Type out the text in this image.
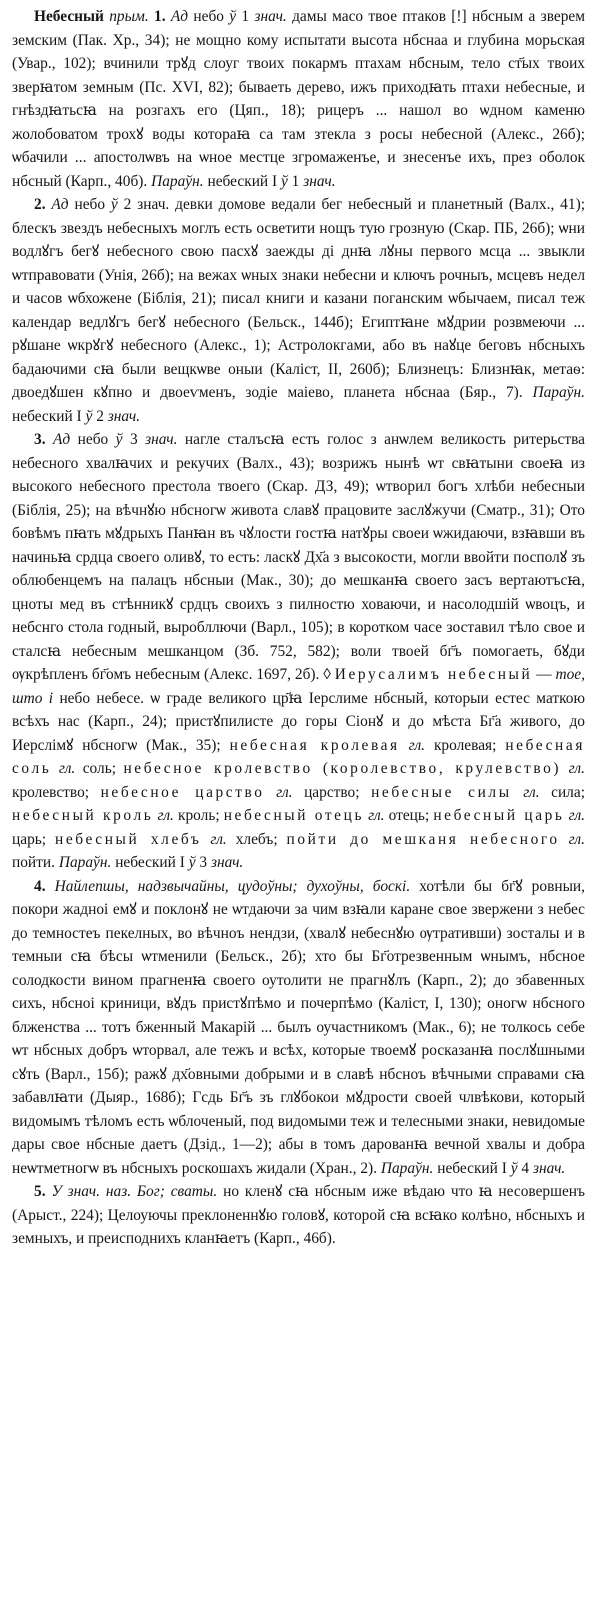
Небесный прым. 1. Ад небо ў 1 знач. дамы масо твое птаков [!] нбсным а зверем земским (Пак. Хр., 34); не мощно комy испытати высота нбснаа и глубина морьская (Увар., 102); вчинили трꙋд слоуг твоих покармъ птахам нбсным, тело ст҃ых твоих зверꙗтом земным (Пс. XVI, 82); бываеть дерево, ижъ приходꙗть птахи небесные, и гнѣздꙗтьсꙗ на розгахъ его (Цяп., 18); рицеръ ... нашол во ѡдном каменю жолобоватом трохꙋ воды котораꙗ са там зтекла з росы небесной (Алекс., 26б); ѡбачили ... апостолѡвъ на ѡное местце згромаженъе, и знесенъе ихъ, през оболок нбсный (Карп., 40б). Параўн. небеский I ў 1 знач.

2. Ад небо ў 2 знач. девки домове ведали бег небесный и планетный (Валх., 41); блескъ звездъ небесныхъ моглъ есть осветити нощъ тую грозную (Скар. ПБ, 26б); ѡни водлꙋгъ бегꙋ небесного свою пасхꙋ заежды ді днꙗ лꙋны первого мсца ... звыкли ѡтправовати (Унія, 26б); на вежах ѡных знаки небесни и ключъ рочныъ, мсцевъ недел и часов ѡбхожене (Біблія, 21); писал книги и казани поганским ѡбычаем, писал теж календар ведлꙋгъ бегꙋ небесного (Бельск., 144б); Египтꙗне мꙋдрии розвмеючи ... рꙋшане ѡкрꙋгꙋ небесного (Алекс., 1); Астролокгами, або въ наꙋце беговъ нбсныхъ бадаючими сꙗ были вещкѡве оныи (Каліст, II, 260б); Близнецъ: Близнꙗк, метаѳ: двоедꙋшен кꙋпно и двоеѵменъ, зодіе маіево, планета нбснаа (Бяр., 7). Параўн. небеский I ў 2 знач.

3. Ад небо ў 3 знач. нагле сталъсꙗ есть голос з анѡлем великость ритерьства небесного хвалꙗчих и рекучих (Валх., 43); возрижъ нынѣ ѡт свꙗтыни своеꙗ из высокого небесного престола твоего (Скар. ДЗ, 49); ѡтворил богъ хлѣби небесныи (Біблія, 25); на вѣчнꙋю нбсногѡ живота славꙋ працовите заслꙋжучи (Сматр., 31); Ото бовѣмъ пꙗть мꙋдрыхъ Панꙗн въ чꙋлости гостꙗ натꙋры своеи ѡжидаючи, взꙗвши въ начиньꙗ срдца своего оливꙋ, то есть: ласкꙋ Дх҃а з высокости, могли ввойти посполꙋ зъ облюбенцемъ на палацъ нбсныи (Мак., 30); до мешканꙗ своего засъ вертаютъсꙗ, цноты мед въ стѣнникꙋ срдцъ своихъ з пилностю ховаючи, и насолодшій ѡвоцъ, и небснго стола годный, выробллючи (Варл., 105); в коротком часе зоставил тѣло свое и сталсꙗ небесным мешканцом (Зб. 752, 582); воли твоей бг҃ъ помогаеть, бꙋди ѹкрѣпленъ бг҃омъ небесным (Алекс. 1697, 2б). ◊ Иерусалимъ небесный — тое, што і небо небесе. ѡ граде великого цр҃ꙗ Іерслиме нбсный, которыи естес маткою всѣхъ нас (Карп., 24); пристꙋпилисте до горы Сіонꙋ и до мѣста Бг҃а живого, до Иерслімꙋ нбсногѡ (Мак., 35); небесная кролевая гл. кролевая; небесная соль гл. соль; небесное кролевство (королевство, крулевство) гл. кролевство; небесное царство гл. царство; небесные силы гл. сила; небесный кроль гл. кроль; небесный отець гл. отець; небесный царь гл. царь; небесный хлебъ гл. хлебъ; пойти до мешканя небесного гл. пойти. Параўн. небеский I ў 3 знач.

4. Найлепшы, надзвычайны, цудоўны; духоўны, боскі. хотѣли бы бг҃ꙋ ровныи, покори жадноі емꙋ и поклонꙋ не ѡтдаючи за чим взꙗли каране свое звержени з небес до темностеъ пекелных, во вѣчноъ нендзи, (хвалꙋ небеснꙋю ѹтративши) зосталы и в темныи сꙗ бѣсы ѡтменили (Бельск., 2б); хто бы Бг҃отрезвенным ѡнымъ, нбсное солодкости вином прагненꙗ своего оутолити не прагнꙋлъ (Карп., 2); до збавенных сихъ, нбсноі криници, вꙋдъ пристꙋпѣмо и почерпѣмо (Каліст, I, 130); оногѡ нбсного блженства ... тотъ бженный Макарій ... былъ оучастникомъ (Мак., 6); не толкось себе ѡт нбсных добръ ѡторвал, але тежъ и всѣх, которые твоемꙋ росказанꙗ послꙋшными сꙋть (Варл., 15б); ражꙋ дх҃овными добрыми и в славѣ нбсноъ вѣчными справами сꙗ забавлꙗти (Дыяр., 168б); Гсдь Бг҃ъ зъ глꙋбокои мꙋдрости своей члвѣкови, который видомымъ тѣломъ есть ѡблоченый, под видомыми теж и телесными знаки, невидомые дары свое нбсные даетъ (Дзід., 1—2); абы в томъ дарованꙗ вечной хвалы и добра неѡтметногѡ въ нбсныхъ роскошахъ жидали (Хран., 2). Параўн. небеский I ў 4 знач.

5. У знач. наз. Бог; сваты. но кленꙋ сꙗ нбсным иже вѣдаю что ꙗ несовершенъ (Арыст., 224); Целоуючы преклоненнꙋю головꙋ, которой сꙗ всꙗко колѣно, нбсныхъ и земныхъ, и преисподнихъ кланꙗетъ (Карп., 46б).
